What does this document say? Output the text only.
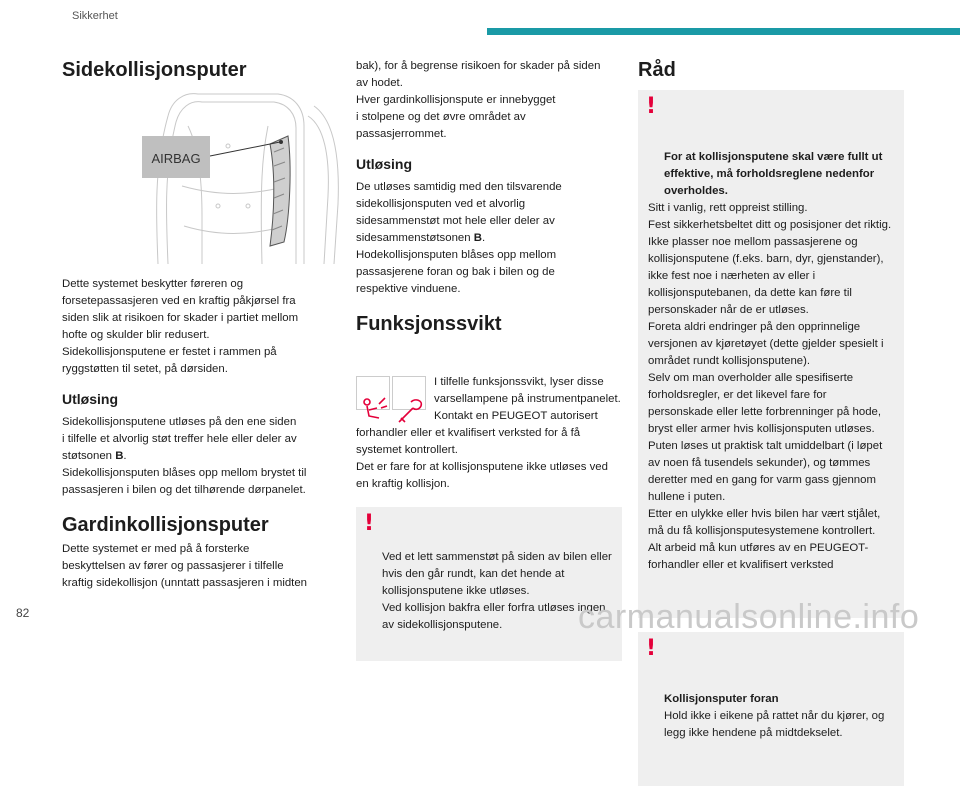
Sikkerhet
Sidekollisjonsputer
AIRBAG

Dette systemet beskytter føreren og
forsetepassasjeren ved en kraftig påkjørsel fra
siden slik at risikoen for skader i partiet mellom
hofte og skulder blir redusert.
Sidekollisjonsputene er festet i rammen på
ryggstøtten til setet, på dørsiden.

Utløsing

Sidekollisjonsputene utløses på den ene siden
i tilfelle et alvorlig støt treffer hele eller deler av
støtsonen B.
Sidekollisjonsputen blåses opp mellom brystet til
passasjeren i bilen og det tilhørende dørpanelet.

Gardinkollisjonsputer

Dette systemet er med på å forsterke
beskyttelsen av fører og passasjerer i tilfelle
kraftig sidekollisjon (unntatt passasjeren i midten

bak), for å begrense risikoen for skader på siden
av hodet.
Hver gardinkollisjonspute er innebygget
i stolpene og det øvre området av
passasjerrommet.

Utløsing

De utløses samtidig med den tilsvarende
sidekollisjonsputen ved et alvorlig
sidesammenstøt mot hele eller deler av
sidesammenstøtsonen B.
Hodekollisjonsputen blåses opp mellom
passasjerene foran og bak i bilen og de
respektive vinduene.

Funksjonssvikt

I tilfelle funksjonssvikt, lyser disse varsellampene på instrumentpanelet. Kontakt en PEUGEOT autorisert forhandler eller et kvalifisert verksted for å få systemet kontrollert.
Det er fare for at kollisjonsputene ikke utløses ved en kraftig kollisjon.

!

Ved et lett sammenstøt på siden av bilen eller hvis den går rundt, kan det hende at kollisjonsputene ikke utløses.
Ved kollisjon bakfra eller forfra utløses ingen av sidekollisjonsputene.

Råd

!

For at kollisjonsputene skal være fullt ut effektive, må forholdsreglene nedenfor overholdes.

Sitt i vanlig, rett oppreist stilling.
Fest sikkerhetsbeltet ditt og posisjoner det riktig.
Ikke plasser noe mellom passasjerene og kollisjonsputene (f.eks. barn, dyr, gjenstander), ikke fest noe i nærheten av eller i kollisjonsputebanen, da dette kan føre til personskader når de er utløses.
Foreta aldri endringer på den opprinnelige versjonen av kjøretøyet (dette gjelder spesielt i området rundt kollisjonsputene).
Selv om man overholder alle spesifiserte forholdsregler, er det likevel fare for personskade eller lette forbrenninger på hode, bryst eller armer hvis kollisjonsputen utløses. Puten løses ut praktisk talt umiddelbart (i løpet av noen få tusendels sekunder), og tømmes deretter med en gang for varm gass gjennom hullene i puten.
Etter en ulykke eller hvis bilen har vært stjålet, må du få kollisjonsputesystemene kontrollert.
Alt arbeid må kun utføres av en PEUGEOT-forhandler eller et kvalifisert verksted

!

Kollisjonsputer foran

Hold ikke i eikene på rattet når du kjører, og legg ikke hendene på midtdekselet.

82	carmanualsonline.info
